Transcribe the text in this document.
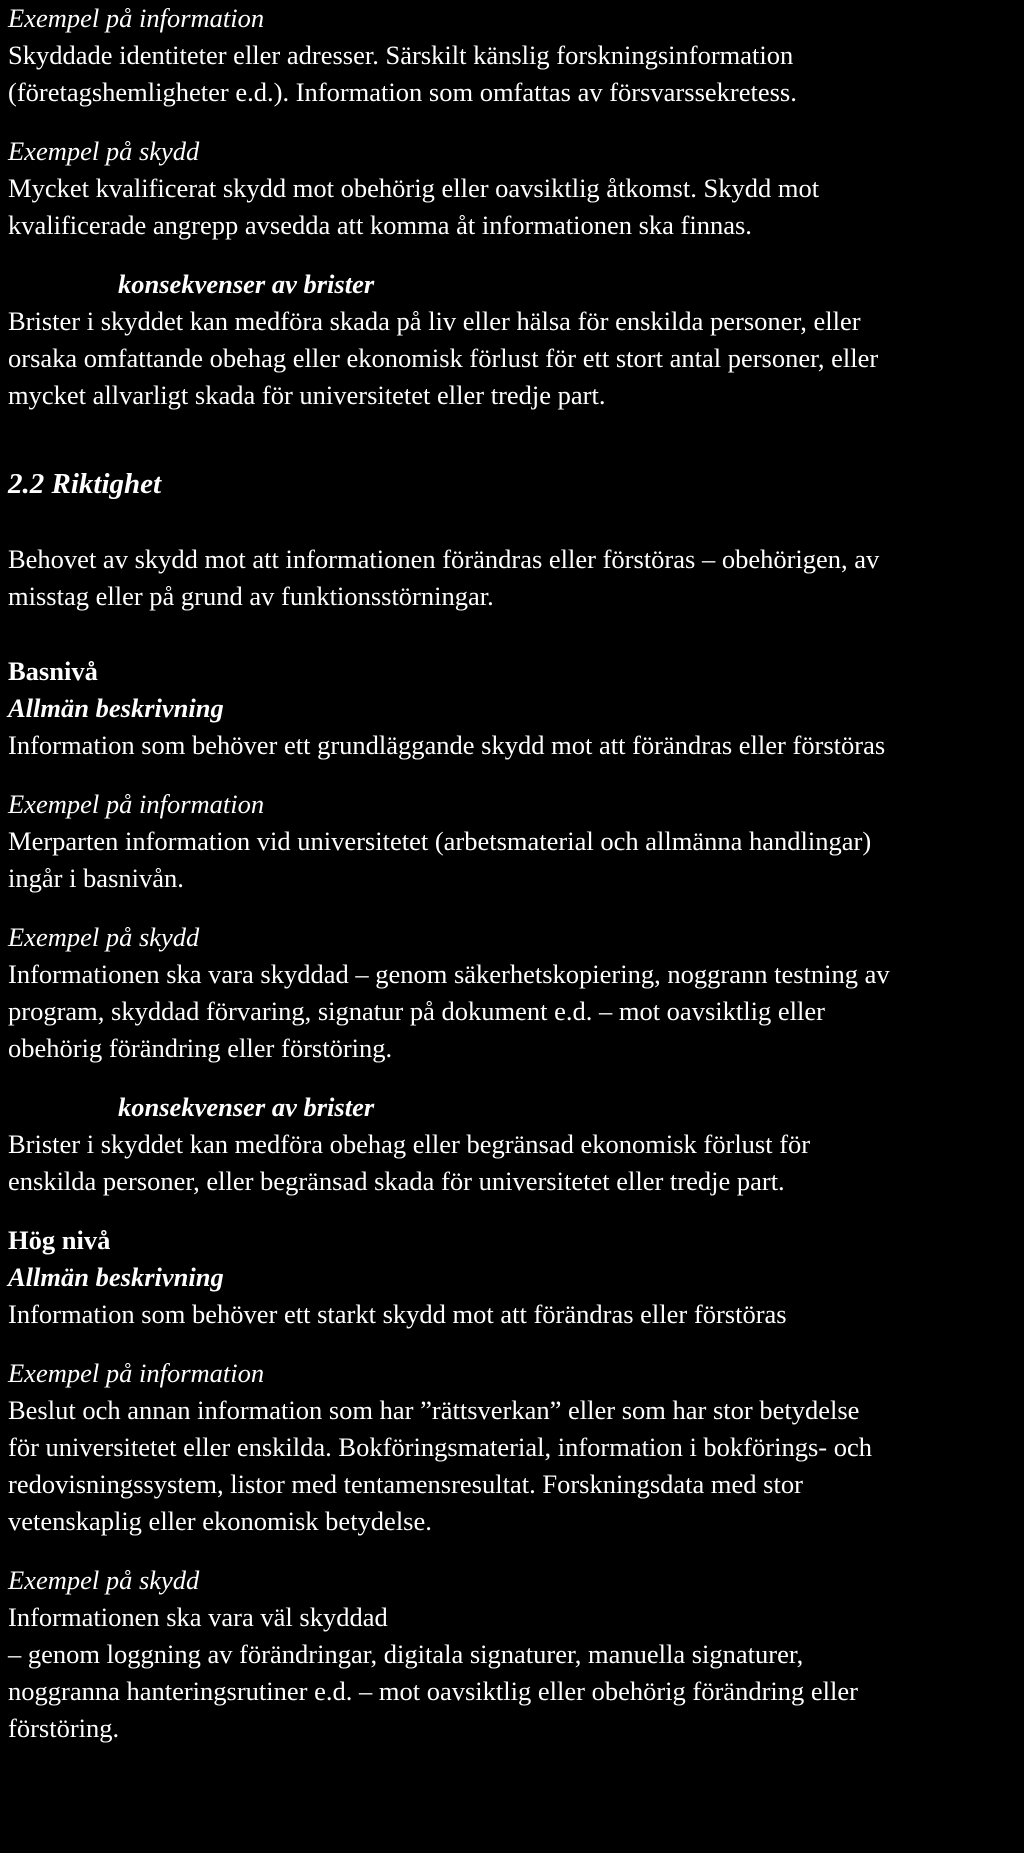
Exempel på information
Skyddade identiteter eller adresser. Särskilt känslig forskningsinformation
(företagshemligheter e.d.). Information som omfattas av försvarssekretess.
Exempel på skydd
Mycket kvalificerat skydd mot obehörig eller oavsiktlig åtkomst. Skydd mot
kvalificerade angrepp avsedda att komma åt informationen ska finnas.
konsekvenser av brister
Brister i skyddet kan medföra skada på liv eller hälsa för enskilda personer, eller
orsaka omfattande obehag eller ekonomisk förlust för ett stort antal personer, eller
mycket allvarligt skada för universitetet eller tredje part.
2.2 Riktighet
Behovet av skydd mot att informationen förändras eller förstöras – obehörigen, av
misstag eller på grund av funktionsstörningar.
Basnivå
Allmän beskrivning
Information som behöver ett grundläggande skydd mot att förändras eller förstöras
Exempel på information
Merparten information vid universitetet (arbetsmaterial och allmänna handlingar)
ingår i basnivån.
Exempel på skydd
Informationen ska vara skyddad – genom säkerhetskopiering, noggrann testning av
program, skyddad förvaring, signatur på dokument e.d. – mot oavsiktlig eller
obehörig förändring eller förstöring.
konsekvenser av brister
Brister i skyddet kan medföra obehag eller begränsad ekonomisk förlust för
enskilda personer, eller begränsad skada för universitetet eller tredje part.
Hög nivå
Allmän beskrivning
Information som behöver ett starkt skydd mot att förändras eller förstöras
Exempel på information
Beslut och annan information som har ”rättsverkan” eller som har stor betydelse
för universitetet eller enskilda. Bokföringsmaterial, information i bokförings- och
redovisningssystem, listor med tentamensresultat. Forskningsdata med stor
vetenskaplig eller ekonomisk betydelse.
Exempel på skydd
Informationen ska vara väl skyddad
– genom loggning av förändringar, digitala signaturer, manuella signaturer,
noggranna hanteringsrutiner e.d. – mot oavsiktlig eller obehörig förändring eller
förstöring.
